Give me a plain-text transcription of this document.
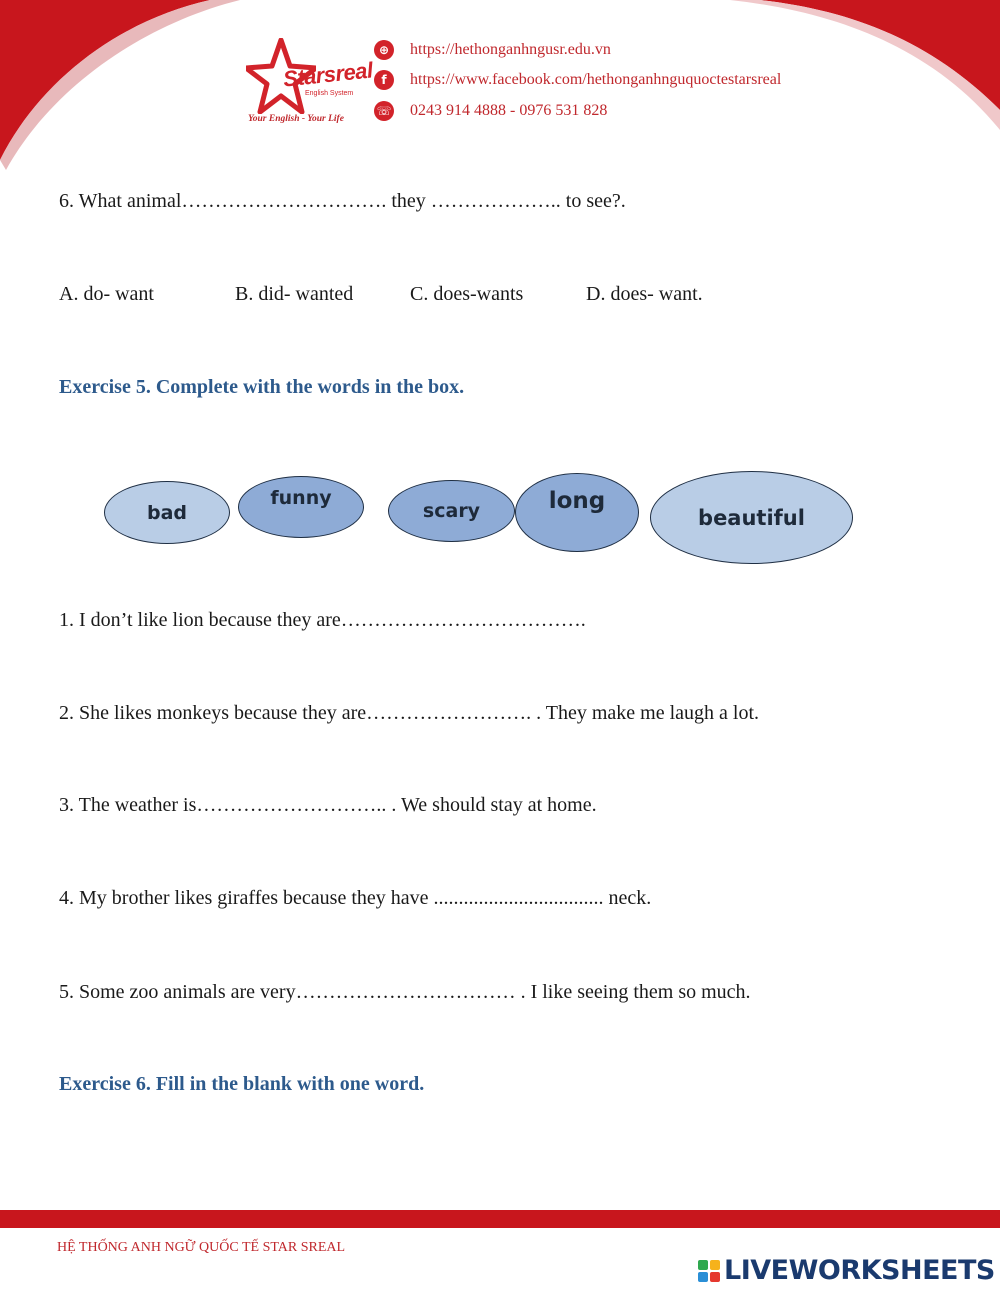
Starsreal
English System
Your English - Your Life
⊕	https://hethonganhngusr.edu.vn
f	https://www.facebook.com/hethonganhnguquoctestarsreal
☏ 0243 914 4888 - 0976 531 828
6. What animal…………………………. they ……………….. to see?.
A. do- want	B. did- wanted	C. does-wants	D. does- want.
Exercise 5. Complete with the words in the box.
bad
funny
scary	long
beautiful
1. I don’t like lion because they are……………………………….
2. She likes monkeys because they are……………………. . They make me laugh a lot.
3. The weather is……………………….. . We should stay at home.
4. My brother likes giraffes because they have .................................. neck.
5. Some zoo animals are very…………………………… . I like seeing them so much.
Exercise 6. Fill in the blank with one word.
HỆ THỐNG ANH NGỮ QUỐC TẾ STAR SREAL
LIVEWORKSHEETS
